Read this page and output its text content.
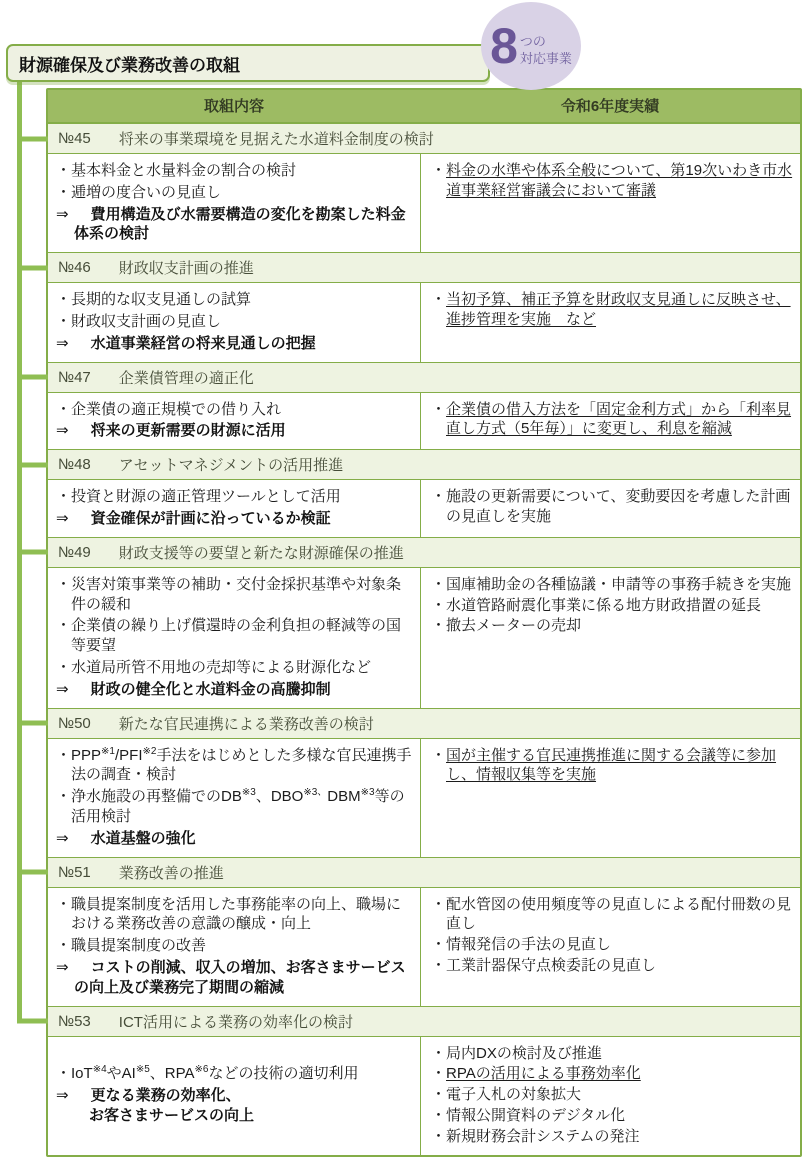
財源確保及び業務改善の取組	8 つの
対応事業
取組内容	令和6年度実績
№45 将来の事業環境を見据えた水道料金制度の検討
・基本料金と水量料金の割合の検討
・逓増の度合いの見直し
⇒ 費用構造及び水需要構造の変化を勘案した料金体系の検討
・料金の水準や体系全般について、第19次いわき市水道事業経営審議会において審議
№46 財政収支計画の推進
・長期的な収支見通しの試算
・財政収支計画の見直し
⇒ 水道事業経営の将来見通しの把握
・当初予算、補正予算を財政収支見通しに反映させ、進捗管理を実施　など
№47 企業債管理の適正化
・企業債の適正規模での借り入れ
⇒ 将来の更新需要の財源に活用
・企業債の借入方法を「固定金利方式」から「利率見直し方式（5年毎）」に変更し、利息を縮減
№48 アセットマネジメントの活用推進
・投資と財源の適正管理ツールとして活用
⇒ 資金確保が計画に沿っているか検証
・施設の更新需要について、変動要因を考慮した計画の見直しを実施
№49 財政支援等の要望と新たな財源確保の推進
・災害対策事業等の補助・交付金採択基準や対象条件の緩和
・企業債の繰り上げ償還時の金利負担の軽減等の国等要望
・水道局所管不用地の売却等による財源化など
⇒ 財政の健全化と水道料金の高騰抑制
・国庫補助金の各種協議・申請等の事務手続きを実施
・水道管路耐震化事業に係る地方財政措置の延長
・撤去メーターの売却
№50 新たな官民連携による業務改善の検討
・PPP$^{※1}$/PFI$^{※2}$手法をはじめとした多様な官民連携手法の調査・検討
・浄水施設の再整備でのDB$^{※3}$、$DBO^{※3、}DBM^{※3}$等の活用検討
⇒ 水道基盤の強化
・国が主催する官民連携推進に関する会議等に参加し、情報収集等を実施
№51 業務改善の推進
・職員提案制度を活用した事務能率の向上、職場における業務改善の意識の醸成・向上
・職員提案制度の改善
⇒ コストの削減、収入の増加、お客さまサービスの向上及び業務完了期間の縮減
・配水管図の使用頻度等の見直しによる配付冊数の見直し
・情報発信の手法の見直し
・工業計器保守点検委託の見直し
№53 ICT活用による業務の効率化の検討
・IoT$^{※4}$やAI$^{※5}$、RPA$^{※6}$などの技術の適切利用
⇒ 更なる業務の効率化、
　お客さまサービスの向上
・局内DXの検討及び推進
・RPAの活用による事務効率化
・電子入札の対象拡大
・情報公開資料のデジタル化
・新規財務会計システムの発注
